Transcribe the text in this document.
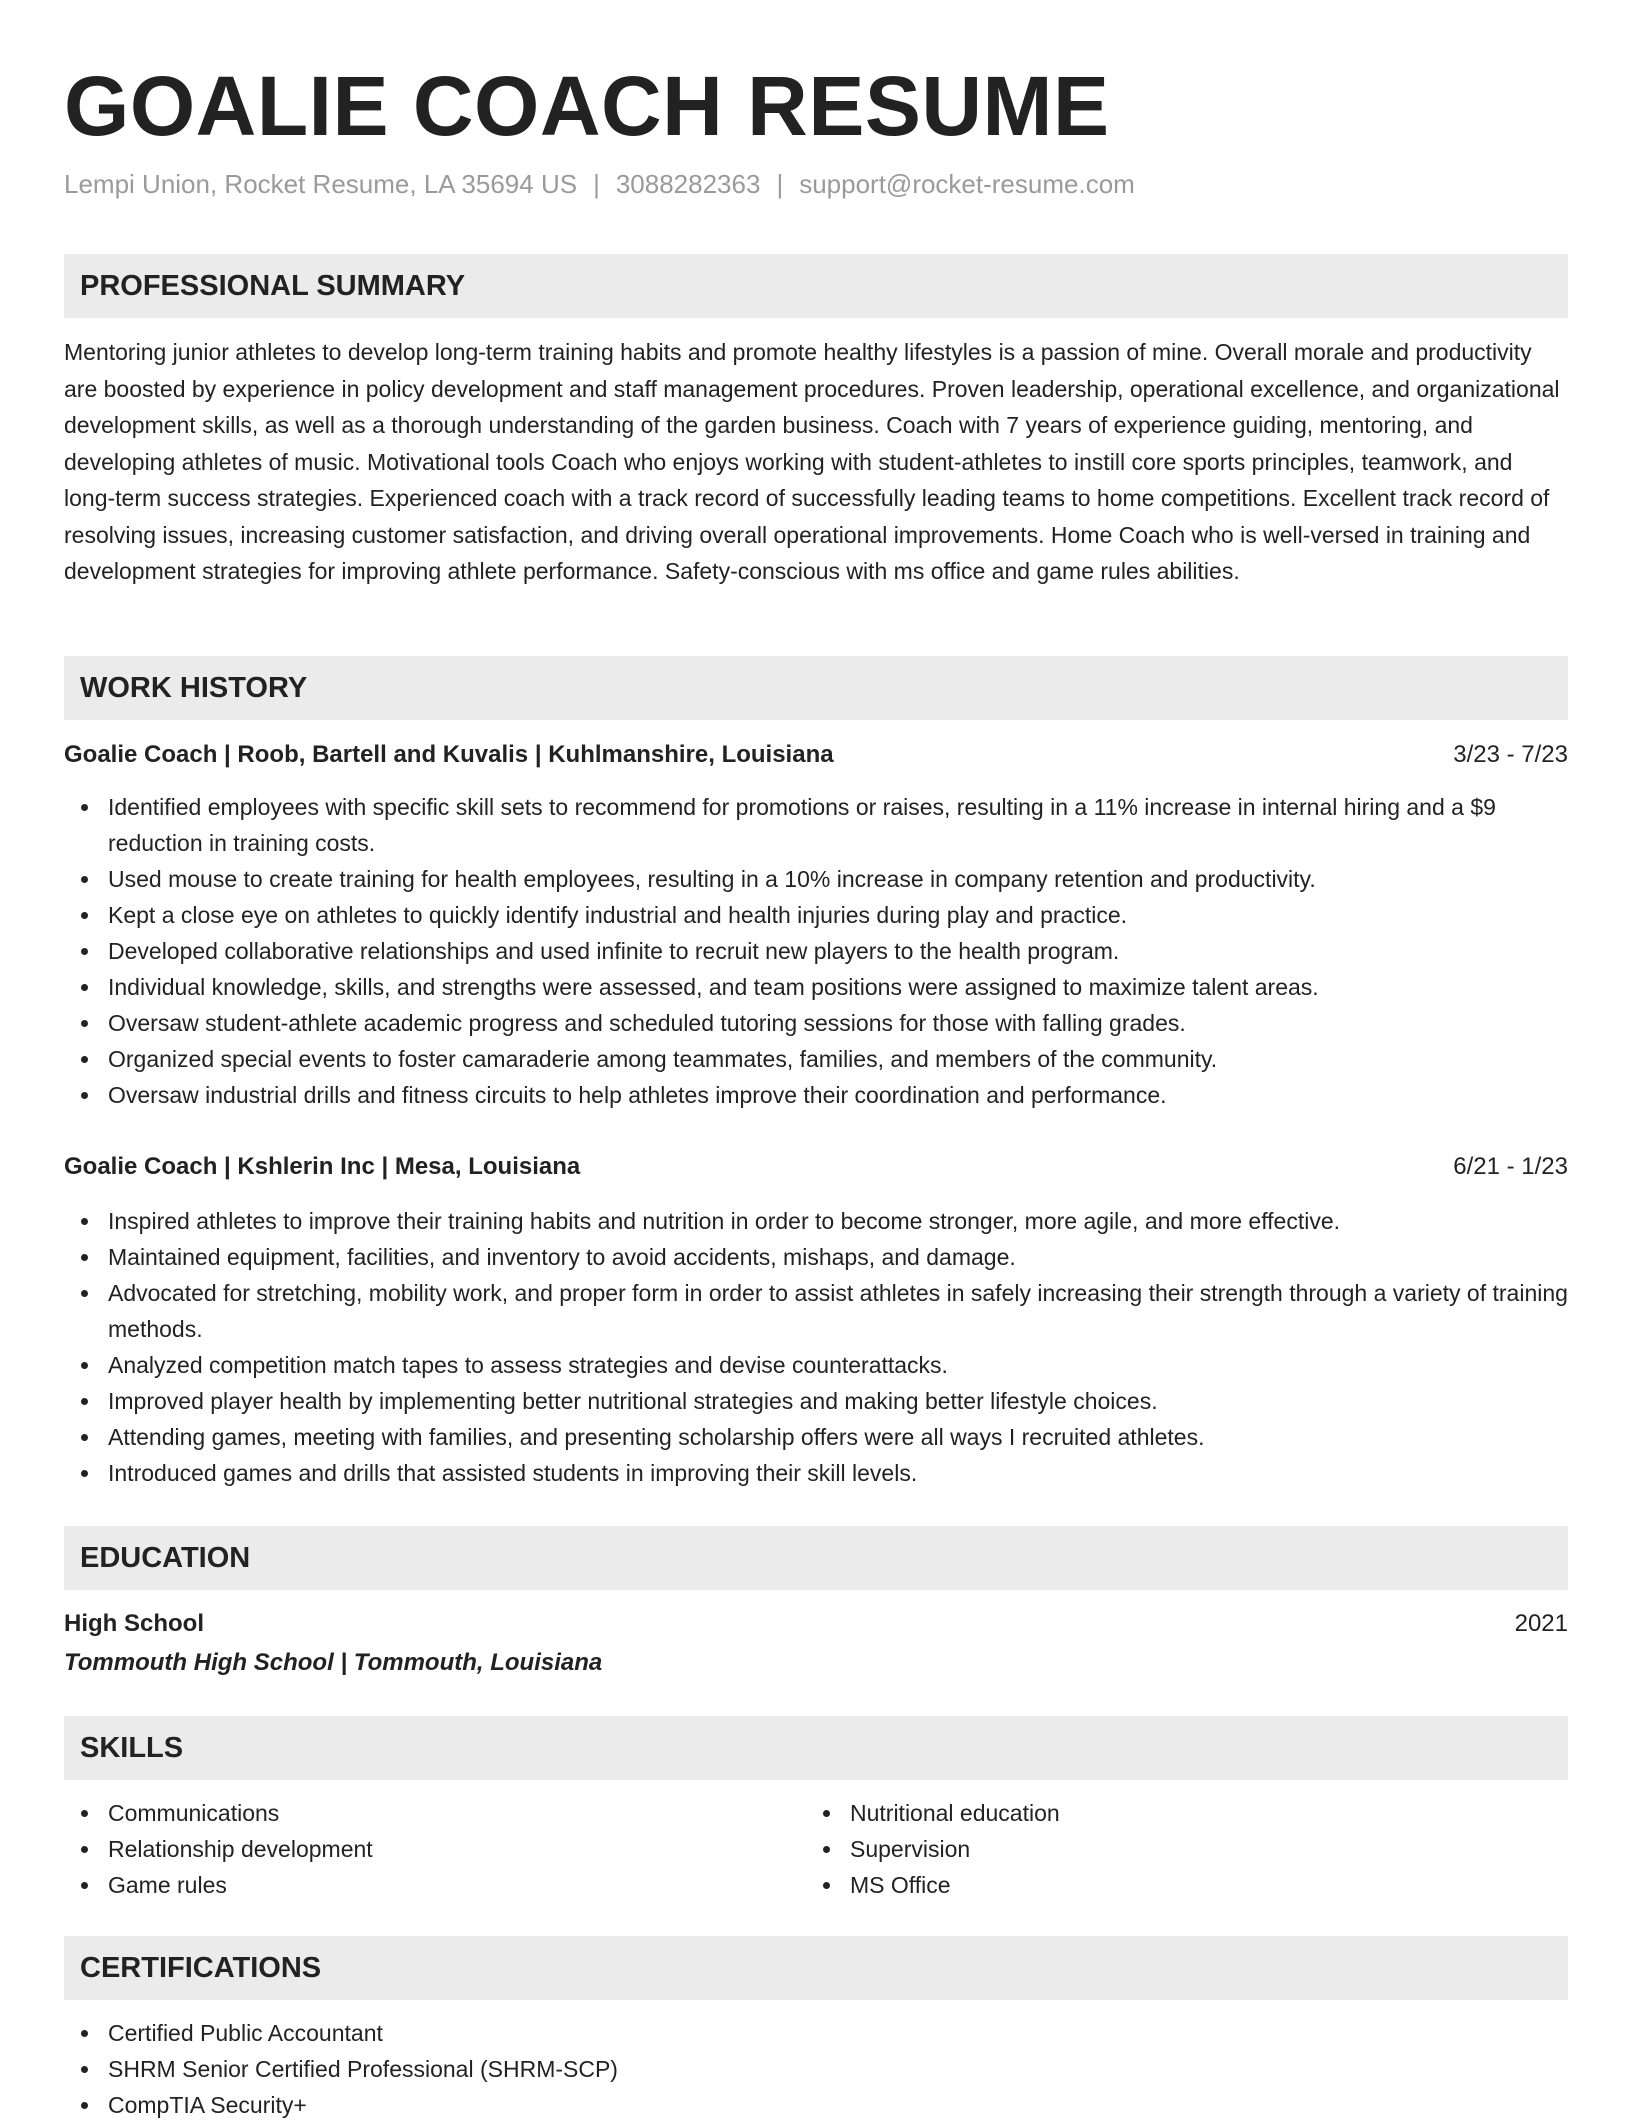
GOALIE COACH RESUME
Lempi Union, Rocket Resume, LA 35694 US | 3088282363 | support@rocket-resume.com
PROFESSIONAL SUMMARY

Mentoring junior athletes to develop long-term training habits and promote healthy lifestyles is a passion of mine. Overall morale and productivity are boosted by experience in policy development and staff management procedures. Proven leadership, operational excellence, and organizational development skills, as well as a thorough understanding of the garden business. Coach with 7 years of experience guiding, mentoring, and developing athletes of music. Motivational tools Coach who enjoys working with student-athletes to instill core sports principles, teamwork, and long-term success strategies. Experienced coach with a track record of successfully leading teams to home competitions. Excellent track record of resolving issues, increasing customer satisfaction, and driving overall operational improvements. Home Coach who is well-versed in training and development strategies for improving athlete performance. Safety-conscious with ms office and game rules abilities.

WORK HISTORY
Goalie Coach | Roob, Bartell and Kuvalis | Kuhlmanshire, Louisiana	3/23 - 7/23
Identified employees with specific skill sets to recommend for promotions or raises, resulting in a 11% increase in internal hiring and a $9 reduction in training costs.
Used mouse to create training for health employees, resulting in a 10% increase in company retention and productivity.
Kept a close eye on athletes to quickly identify industrial and health injuries during play and practice.
Developed collaborative relationships and used infinite to recruit new players to the health program.
Individual knowledge, skills, and strengths were assessed, and team positions were assigned to maximize talent areas.
Oversaw student-athlete academic progress and scheduled tutoring sessions for those with falling grades.
Organized special events to foster camaraderie among teammates, families, and members of the community.
Oversaw industrial drills and fitness circuits to help athletes improve their coordination and performance.
Goalie Coach | Kshlerin Inc | Mesa, Louisiana	6/21 - 1/23
Inspired athletes to improve their training habits and nutrition in order to become stronger, more agile, and more effective.
Maintained equipment, facilities, and inventory to avoid accidents, mishaps, and damage.
Advocated for stretching, mobility work, and proper form in order to assist athletes in safely increasing their strength through a variety of training methods.
Analyzed competition match tapes to assess strategies and devise counterattacks.
Improved player health by implementing better nutritional strategies and making better lifestyle choices.
Attending games, meeting with families, and presenting scholarship offers were all ways I recruited athletes.
Introduced games and drills that assisted students in improving their skill levels.
EDUCATION
High School	2021
Tommouth High School | Tommouth, Louisiana
SKILLS
Communications
Relationship development
Game rules
Nutritional education
Supervision
MS Office
CERTIFICATIONS
Certified Public Accountant
SHRM Senior Certified Professional (SHRM-SCP)
CompTIA Security+
